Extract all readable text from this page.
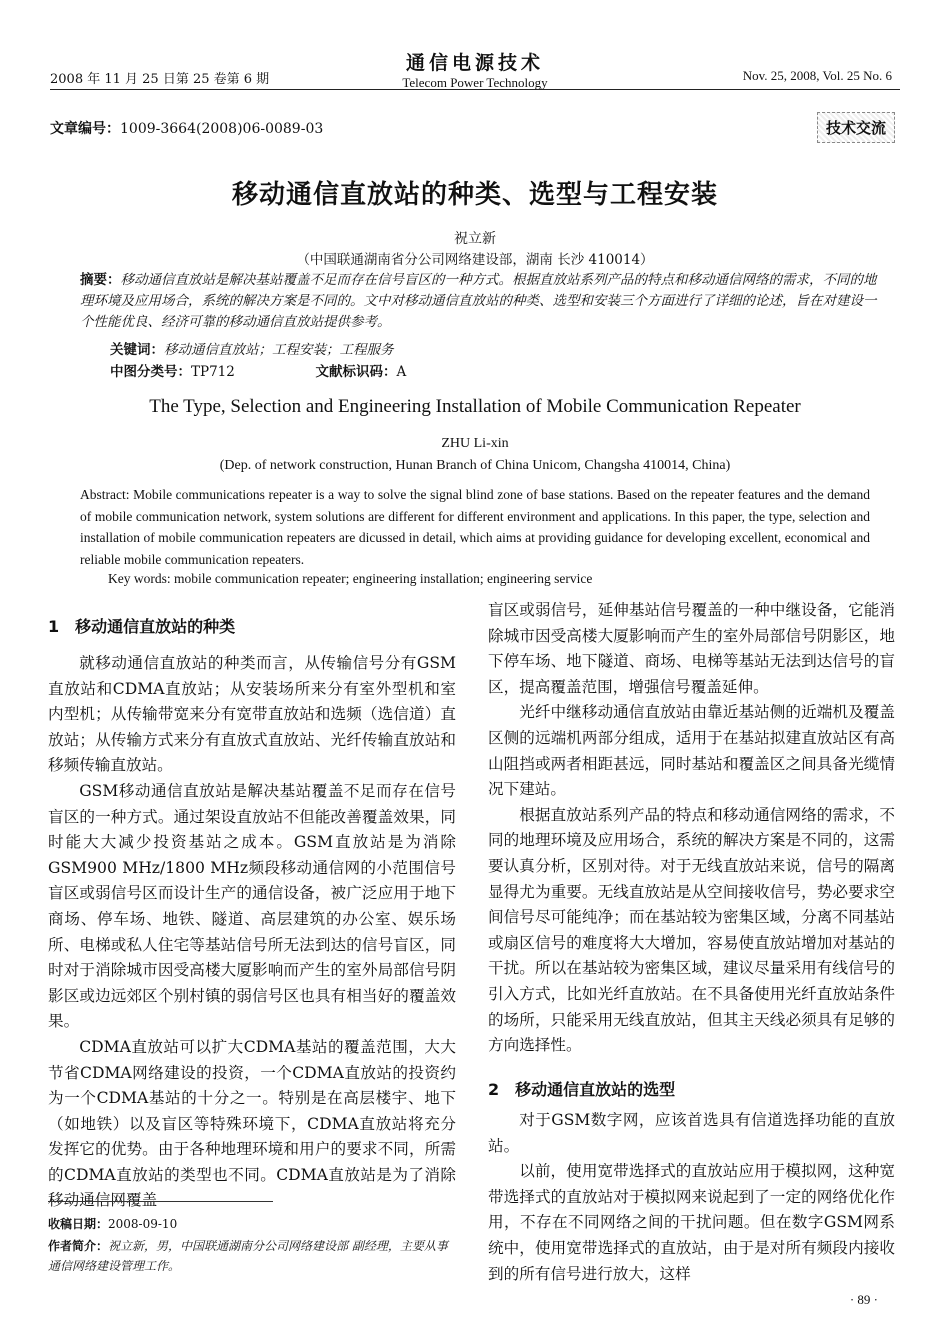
2008 年 11 月 25 日第 25 卷第 6 期
通信电源技术
Telecom Power Technology	Nov. 25, 2008, Vol. 25 No. 6
文章编号：1009-3664(2008)06-0089-03	技术交流
移动通信直放站的种类、选型与工程安装
祝立新
（中国联通湖南省分公司网络建设部，湖南 长沙 410014）
摘要：移动通信直放站是解决基站覆盖不足而存在信号盲区的一种方式。根据直放站系列产品的特点和移动通信网络的需求，不同的地理环境及应用场合，系统的解决方案是不同的。文中对移动通信直放站的种类、选型和安装三个方面进行了详细的论述，旨在对建设一个性能优良、经济可靠的移动通信直放站提供参考。
关键词：移动通信直放站；工程安装；工程服务
中图分类号：TP712	文献标识码：A
The Type, Selection and Engineering Installation of Mobile Communication Repeater
ZHU Li-xin
(Dep. of network construction, Hunan Branch of China Unicom, Changsha 410014, China)
Abstract: Mobile communications repeater is a way to solve the signal blind zone of base stations. Based on the repeater features and the demand of mobile communication network, system solutions are different for different environment and applications. In this paper, the type, selection and installation of mobile communication repeaters are dicussed in detail, which aims at providing guidance for developing excellent, economical and reliable mobile communication repeaters.
Key words: mobile communication repeater; engineering installation; engineering service
1　移动通信直放站的种类

就移动通信直放站的种类而言，从传输信号分有GSM直放站和CDMA直放站；从安装场所来分有室外型机和室内型机；从传输带宽来分有宽带直放站和选频（选信道）直放站；从传输方式来分有直放式直放站、光纤传输直放站和移频传输直放站。

GSM移动通信直放站是解决基站覆盖不足而存在信号盲区的一种方式。通过架设直放站不但能改善覆盖效果，同时能大大减少投资基站之成本。GSM直放站是为消除GSM900 MHz/1800 MHz频段移动通信网的小范围信号盲区或弱信号区而设计生产的通信设备，被广泛应用于地下商场、停车场、地铁、隧道、高层建筑的办公室、娱乐场所、电梯或私人住宅等基站信号所无法到达的信号盲区，同时对于消除城市因受高楼大厦影响而产生的室外局部信号阴影区或边远郊区个别村镇的弱信号区也具有相当好的覆盖效果。

CDMA直放站可以扩大CDMA基站的覆盖范围，大大节省CDMA网络建设的投资，一个CDMA直放站的投资约为一个CDMA基站的十分之一。特别是在高层楼宇、地下（如地铁）以及盲区等特殊环境下，CDMA直放站将充分发挥它的优势。由于各种地理环境和用户的要求不同，所需的CDMA直放站的类型也不同。CDMA直放站是为了消除移动通信网覆盖

盲区或弱信号，延伸基站信号覆盖的一种中继设备，它能消除城市因受高楼大厦影响而产生的室外局部信号阴影区，地下停车场、地下隧道、商场、电梯等基站无法到达信号的盲区，提高覆盖范围，增强信号覆盖延伸。

光纤中继移动通信直放站由靠近基站侧的近端机及覆盖区侧的远端机两部分组成，适用于在基站拟建直放站区有高山阻挡或两者相距甚远，同时基站和覆盖区之间具备光缆情况下建站。

根据直放站系列产品的特点和移动通信网络的需求，不同的地理环境及应用场合，系统的解决方案是不同的，这需要认真分析，区别对待。对于无线直放站来说，信号的隔离显得尤为重要。无线直放站是从空间接收信号，势必要求空间信号尽可能纯净；而在基站较为密集区域，分离不同基站或扇区信号的难度将大大增加，容易使直放站增加对基站的干扰。所以在基站较为密集区域，建议尽量采用有线信号的引入方式，比如光纤直放站。在不具备使用光纤直放站条件的场所，只能采用无线直放站，但其主天线必须具有足够的方向选择性。

2　移动通信直放站的选型

对于GSM数字网，应该首选具有信道选择功能的直放站。

以前，使用宽带选择式的直放站应用于模拟网，这种宽带选择式的直放站对于模拟网来说起到了一定的网络优化作用，不存在不同网络之间的干扰问题。但在数字GSM网系统中，使用宽带选择式的直放站，由于是对所有频段内接收到的所有信号进行放大，这样

收稿日期：2008-09-10
作者简介：祝立新，男，中国联通湖南分公司网络建设部 副经理，主要从事通信网络建设管理工作。
· 89 ·
